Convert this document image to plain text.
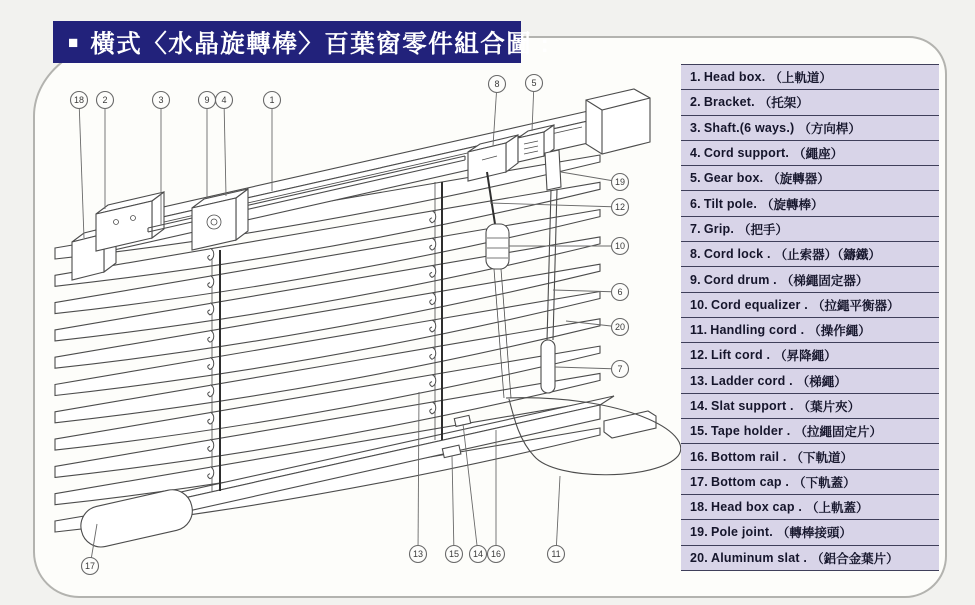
■ 橫式〈水晶旋轉棒〉百葉窗零件組合圖 :
1. Head box. （上軌道）
2. Bracket. （托架）
3. Shaft.(6 ways.) （方向桿）
4. Cord support. （繩座）
5. Gear box. （旋轉器）
6. Tilt pole. （旋轉棒）
7. Grip. （把手）
8. Cord lock . （止索器）（鑄鐵）
9. Cord drum . （梯繩固定器）
10. Cord equalizer . （拉繩平衡器）
11. Handling cord . （操作繩）
12. Lift cord . （昇降繩）
13. Ladder cord . （梯繩）
14. Slat support . （葉片夾）
15. Tape holder . （拉繩固定片）
16. Bottom rail . （下軌道）
17. Bottom cap . （下軌蓋）
18. Head box cap . （上軌蓋）
19. Pole joint. （轉棒接頭）
20. Aluminum slat . （鋁合金葉片）
18 2	3	9 4	1
8	5
19
12
10
6
20
7
13	15 14 16	11
17
